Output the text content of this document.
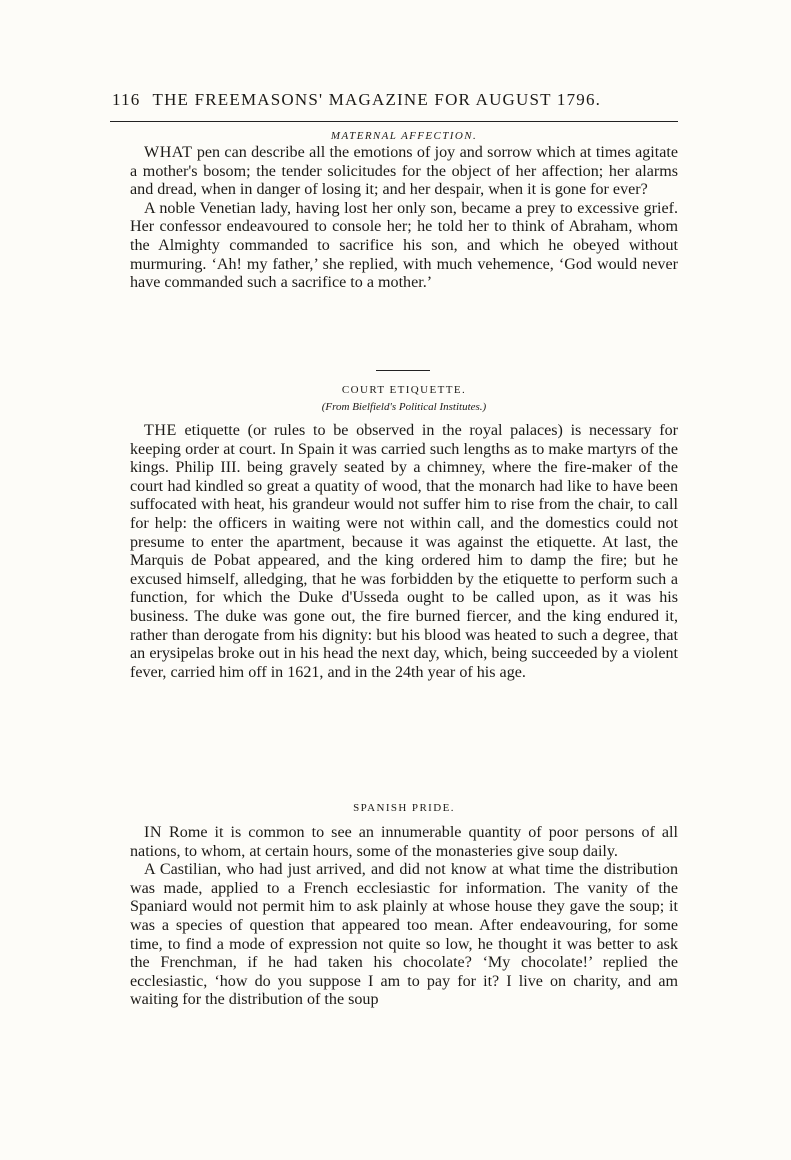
116 THE FREEMASONS' MAGAZINE FOR AUGUST 1796.

MATERNAL AFFECTION.

WHAT pen can describe all the emotions of joy and sorrow which at times agitate a mother's bosom; the tender solicitudes for the object of her affection; her alarms and dread, when in danger of losing it; and her despair, when it is gone for ever?

A noble Venetian lady, having lost her only son, became a prey to excessive grief. Her confessor endeavoured to console her; he told her to think of Abraham, whom the Almighty commanded to sacrifice his son, and which he obeyed without murmuring. ‘Ah! my father,’ she replied, with much vehemence, ‘God would never have commanded such a sacrifice to a mother.’

COURT ETIQUETTE.

(From Bielfield's Political Institutes.)

THE etiquette (or rules to be observed in the royal palaces) is necessary for keeping order at court. In Spain it was carried such lengths as to make martyrs of the kings. Philip III. being gravely seated by a chimney, where the fire-maker of the court had kindled so great a quatity of wood, that the monarch had like to have been suffocated with heat, his grandeur would not suffer him to rise from the chair, to call for help: the officers in waiting were not within call, and the domestics could not presume to enter the apartment, because it was against the etiquette. At last, the Marquis de Pobat appeared, and the king ordered him to damp the fire; but he excused himself, alledging, that he was forbidden by the etiquette to perform such a function, for which the Duke d'Usseda ought to be called upon, as it was his business. The duke was gone out, the fire burned fiercer, and the king endured it, rather than derogate from his dignity: but his blood was heated to such a degree, that an erysipelas broke out in his head the next day, which, being succeeded by a violent fever, carried him off in 1621, and in the 24th year of his age.

SPANISH PRIDE.

IN Rome it is common to see an innumerable quantity of poor persons of all nations, to whom, at certain hours, some of the monasteries give soup daily.

A Castilian, who had just arrived, and did not know at what time the distribution was made, applied to a French ecclesiastic for information. The vanity of the Spaniard would not permit him to ask plainly at whose house they gave the soup; it was a species of question that appeared too mean. After endeavouring, for some time, to find a mode of expression not quite so low, he thought it was better to ask the Frenchman, if he had taken his chocolate? ‘My chocolate!’ replied the ecclesiastic, ‘how do you suppose I am to pay for it? I live on charity, and am waiting for the distribution of the soup
